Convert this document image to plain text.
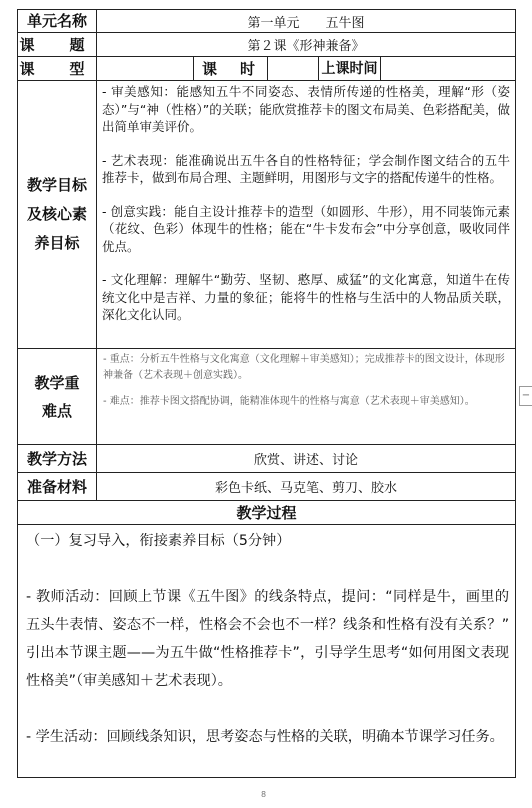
单元名称	第一单元　　五牛图				
课　题	第２课《形神兼备》				
课　型		课　时		上课时间	
教学目标及核心素养目标	- 审美感知：能感知五牛不同姿态、表情所传递的性格美，理解“形（姿态）”与“神（性格）”的关联；能欣赏推荐卡的图文布局美、色彩搭配美，做出简单审美评价。

- 艺术表现：能准确说出五牛各自的性格特征；学会制作图文结合的五牛推荐卡，做到布局合理、主题鲜明，用图形与文字的搭配传递牛的性格。

- 创意实践：能自主设计推荐卡的造型（如圆形、牛形），用不同装饰元素（花纹、色彩）体现牛的性格；能在“牛卡发布会”中分享创意，吸收同伴优点。

- 文化理解：理解牛“勤劳、坚韧、憨厚、威猛”的文化寓意，知道牛在传统文化中是吉祥、力量的象征；能将牛的性格与生活中的人物品质关联，深化文化认同。				

教学重难点	- 重点：分析五牛性格与文化寓意（文化理解＋审美感知）；完成推荐卡的图文设计，体现形神兼备（艺术表现＋创意实践）。

- 难点：推荐卡图文搭配协调，能精准体现牛的性格与寓意（艺术表现＋审美感知）。				

教学方法	欣赏、讲述、讨论				
准备材料	彩色卡纸、马克笔、剪刀、胶水				
教学过程					

（一）复习导入，衔接素养目标（5分钟）

- 教师活动：回顾上节课《五牛图》的线条特点，提问：“同样是牛，画里的五头牛表情、姿态不一样，性格会不会也不一样？线条和性格有没有关系？” 引出本节课主题——为五牛做“性格推荐卡”，引导学生思考“如何用图文表现性格美”（审美感知＋艺术表现）。

- 学生活动：回顾线条知识，思考姿态与性格的关联，明确本节课学习任务。					

−
8
